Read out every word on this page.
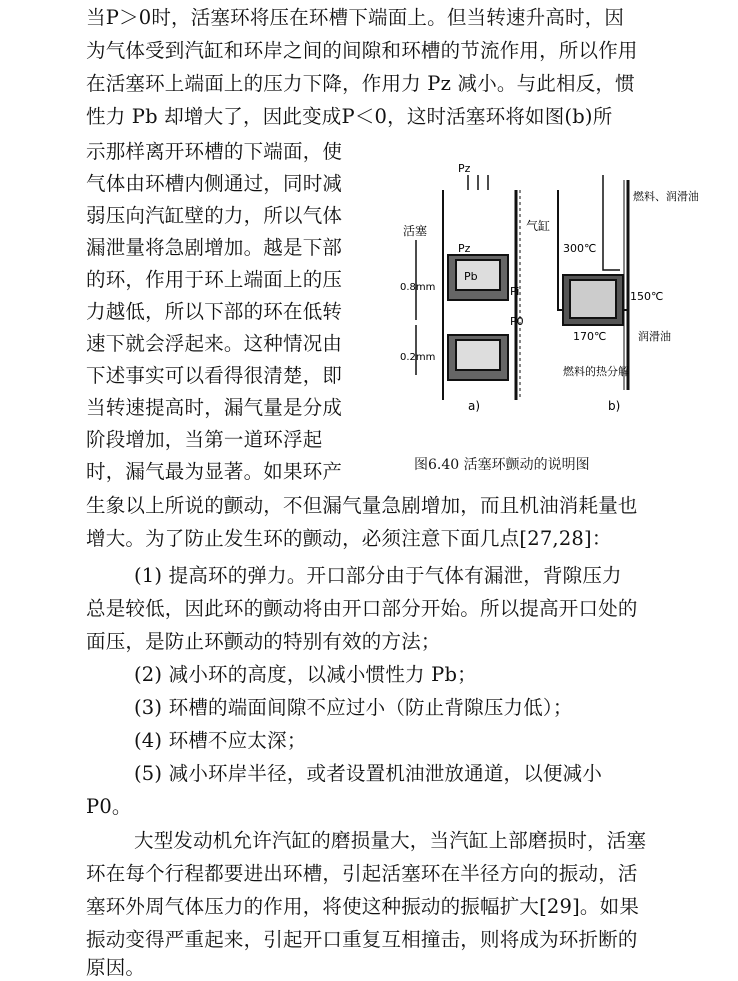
当P＞0时，活塞环将压在环槽下端面上。但当转速升高时，因
为气体受到汽缸和环岸之间的间隙和环槽的节流作用，所以作用
在活塞环上端面上的压力下降，作用力 Pz 减小。与此相反，惯
性力 Pb 却增大了，因此变成P＜0，这时活塞环将如图(b)所
示那样离开环槽的下端面，使
气体由环槽内侧通过，同时减
弱压向汽缸壁的力，所以气体
漏泄量将急剧增加。越是下部
的环，作用于环上端面上的压
力越低，所以下部的环在低转
速下就会浮起来。这种情况由
下述事实可以看得很清楚，即
当转速提高时，漏气量是分成
阶段增加，当第一道环浮起
时，漏气最为显著。如果环产
生象以上所说的颤动，不但漏气量急剧增加，而且机油消耗量也
增大。为了防止发生环的颤动，必须注意下面几点[27,28]：
(1) 提高环的弹力。开口部分由于气体有漏泄，背隙压力
总是较低，因此环的颤动将由开口部分开始。所以提高开口处的
面压，是防止环颤动的特别有效的方法；
(2) 减小环的高度，以减小惯性力 Pb；
(3) 环槽的端面间隙不应过小（防止背隙压力低）；
(4) 环槽不应太深；
(5) 减小环岸半径，或者设置机油泄放通道，以便减小
P0。
大型发动机允许汽缸的磨损量大，当汽缸上部磨损时，活塞
环在每个行程都要进出环槽，引起活塞环在半径方向的振动，活
塞环外周气体压力的作用，将使这种振动的振幅扩大[29]。如果
振动变得严重起来，引起开口重复互相撞击，则将成为环折断的
原因。
Pz
活塞	气缸
Pz
Pb
Pi
P0
0.8mm
0.2mm
a)
燃料、润滑油
300℃
150℃
170℃	润滑油
燃料的热分解
b)
图6.40 活塞环颤动的说明图
